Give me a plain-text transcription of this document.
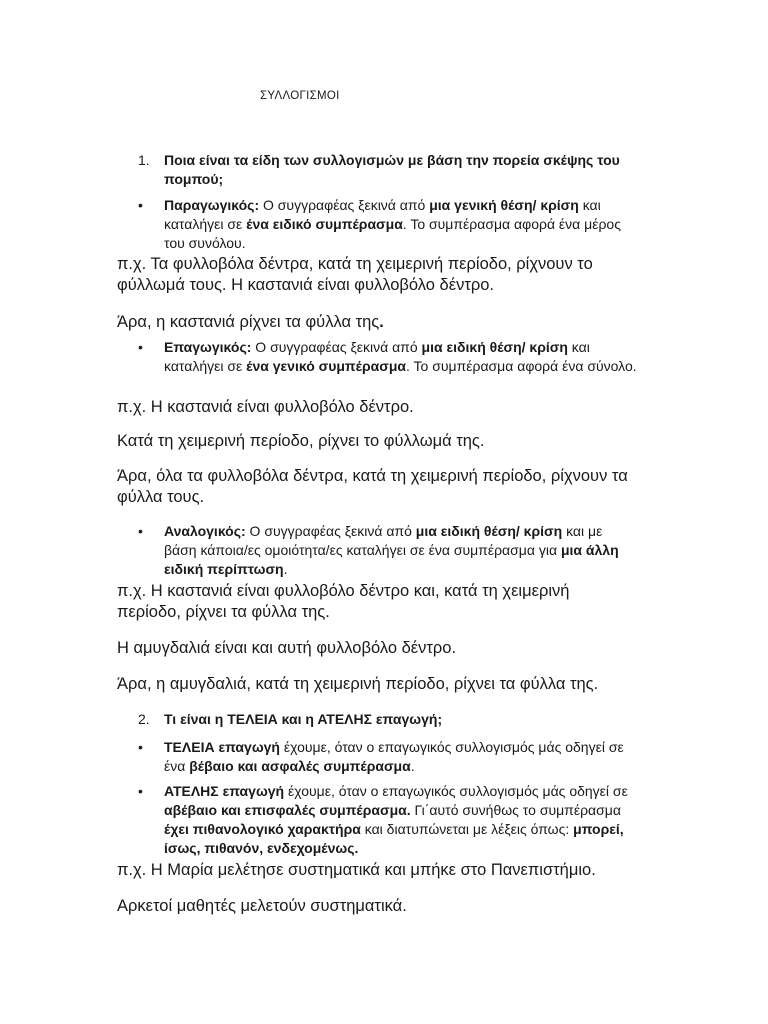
ΣΥΛΛΟΓΙΣΜΟΙ
1.	Ποια είναι τα είδη των συλλογισμών με βάση την πορεία σκέψης του πομπού;
•	Παραγωγικός: Ο συγγραφέας ξεκινά από μια γενική θέση/ κρίση και καταλήγει σε ένα ειδικό συμπέρασμα. Το συμπέρασμα αφορά ένα μέρος του συνόλου.
π.χ. Τα φυλλοβόλα δέντρα, κατά τη χειμερινή περίοδο, ρίχνουν το φύλλωμά τους. Η καστανιά είναι φυλλοβόλο δέντρο.
Άρα, η καστανιά ρίχνει τα φύλλα της.
•	Επαγωγικός: Ο συγγραφέας ξεκινά από μια ειδική θέση/ κρίση και καταλήγει σε ένα γενικό συμπέρασμα. Το συμπέρασμα αφορά ένα σύνολο.
π.χ. Η καστανιά είναι φυλλοβόλο δέντρο.
Κατά τη χειμερινή περίοδο, ρίχνει το φύλλωμά της.
Άρα, όλα τα φυλλοβόλα δέντρα, κατά τη χειμερινή περίοδο, ρίχνουν τα φύλλα τους.
•	Αναλογικός: Ο συγγραφέας ξεκινά από μια ειδική θέση/ κρίση και με βάση κάποια/ες ομοιότητα/ες καταλήγει σε ένα συμπέρασμα για μια άλλη ειδική περίπτωση.
π.χ. Η καστανιά είναι φυλλοβόλο δέντρο και, κατά τη χειμερινή περίοδο, ρίχνει τα φύλλα της.
Η αμυγδαλιά είναι και αυτή φυλλοβόλο δέντρο.
Άρα, η αμυγδαλιά, κατά τη χειμερινή περίοδο, ρίχνει τα φύλλα της.
2.	Τι είναι η ΤΕΛΕΙΑ και η ΑΤΕΛΗΣ επαγωγή;
•	ΤΕΛΕΙΑ επαγωγή έχουμε, όταν ο επαγωγικός συλλογισμός μάς οδηγεί σε ένα βέβαιο και ασφαλές συμπέρασμα.
•	ΑΤΕΛΗΣ επαγωγή έχουμε, όταν ο επαγωγικός συλλογισμός μάς οδηγεί σε αβέβαιο και επισφαλές συμπέρασμα. Γι΄αυτό συνήθως το συμπέρασμα έχει πιθανολογικό χαρακτήρα και διατυπώνεται με λέξεις όπως: μπορεί, ίσως, πιθανόν, ενδεχομένως.
π.χ. Η Μαρία μελέτησε συστηματικά και μπήκε στο Πανεπιστήμιο.
Αρκετοί μαθητές μελετούν συστηματικά.
